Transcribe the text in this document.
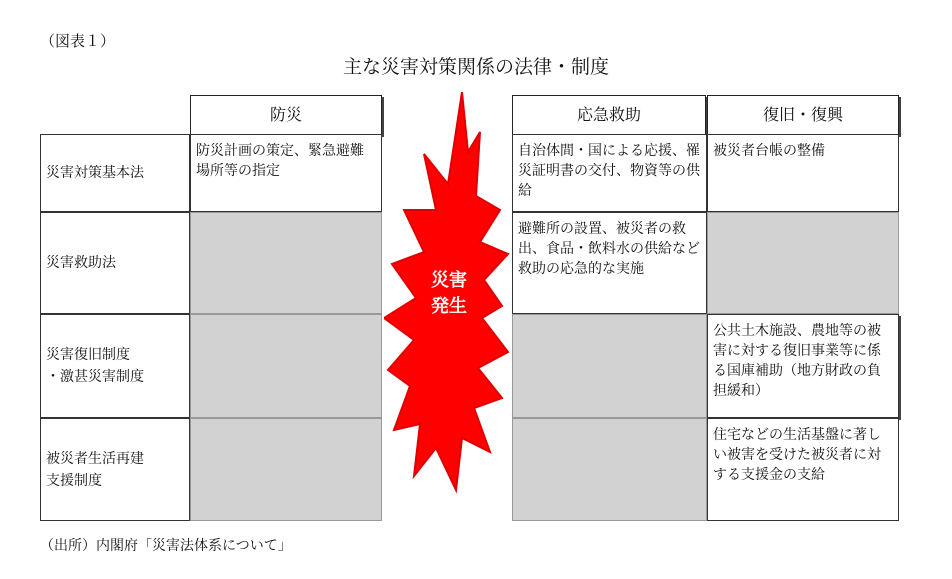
（図表１）
主な災害対策関係の法律・制度
防災	応急救助	復旧・復興
災害対策基本法
災害救助法
災害復旧制度
・激甚災害制度
被災者生活再建
支援制度
防災計画の策定、緊急避難場所等の指定
自治体間・国による応援、罹災証明書の交付、物資等の供給
避難所の設置、被災者の救出、食品・飲料水の供給など救助の応急的な実施
被災者台帳の整備
公共土木施設、農地等の被害に対する復旧事業等に係る国庫補助（地方財政の負担緩和）
住宅などの生活基盤に著しい被害を受けた被災者に対する支援金の支給
災害
発生
（出所）内閣府「災害法体系について」
